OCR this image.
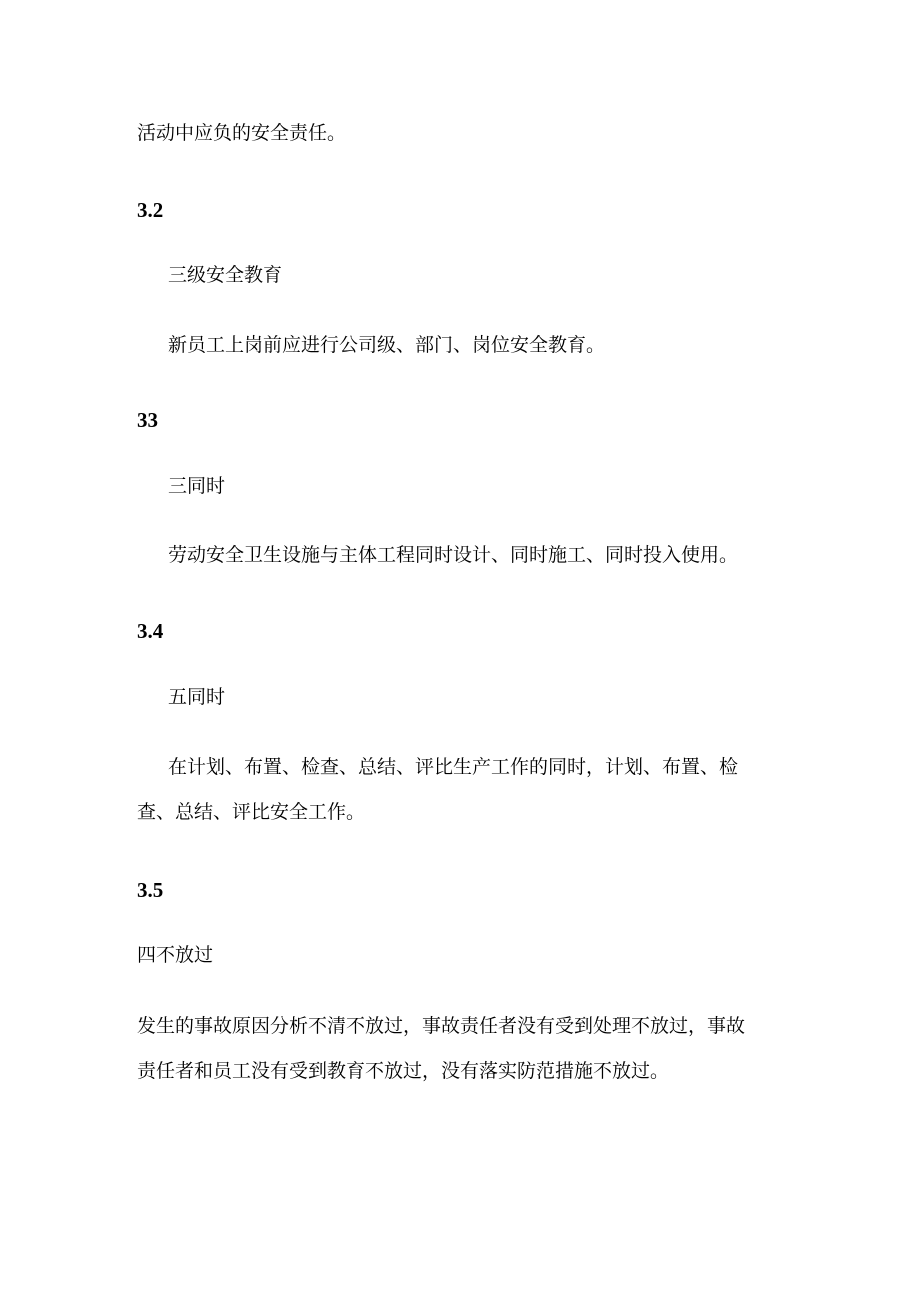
活动中应负的安全责任。
3.2
三级安全教育
新员工上岗前应进行公司级、部门、岗位安全教育。
33
三同时
劳动安全卫生设施与主体工程同时设计、同时施工、同时投入使用。
3.4
五同时
在计划、布置、检查、总结、评比生产工作的同时，计划、布置、检
查、总结、评比安全工作。
3.5
四不放过
发生的事故原因分析不清不放过，事故责任者没有受到处理不放过，事故
责任者和员工没有受到教育不放过，没有落实防范措施不放过。
